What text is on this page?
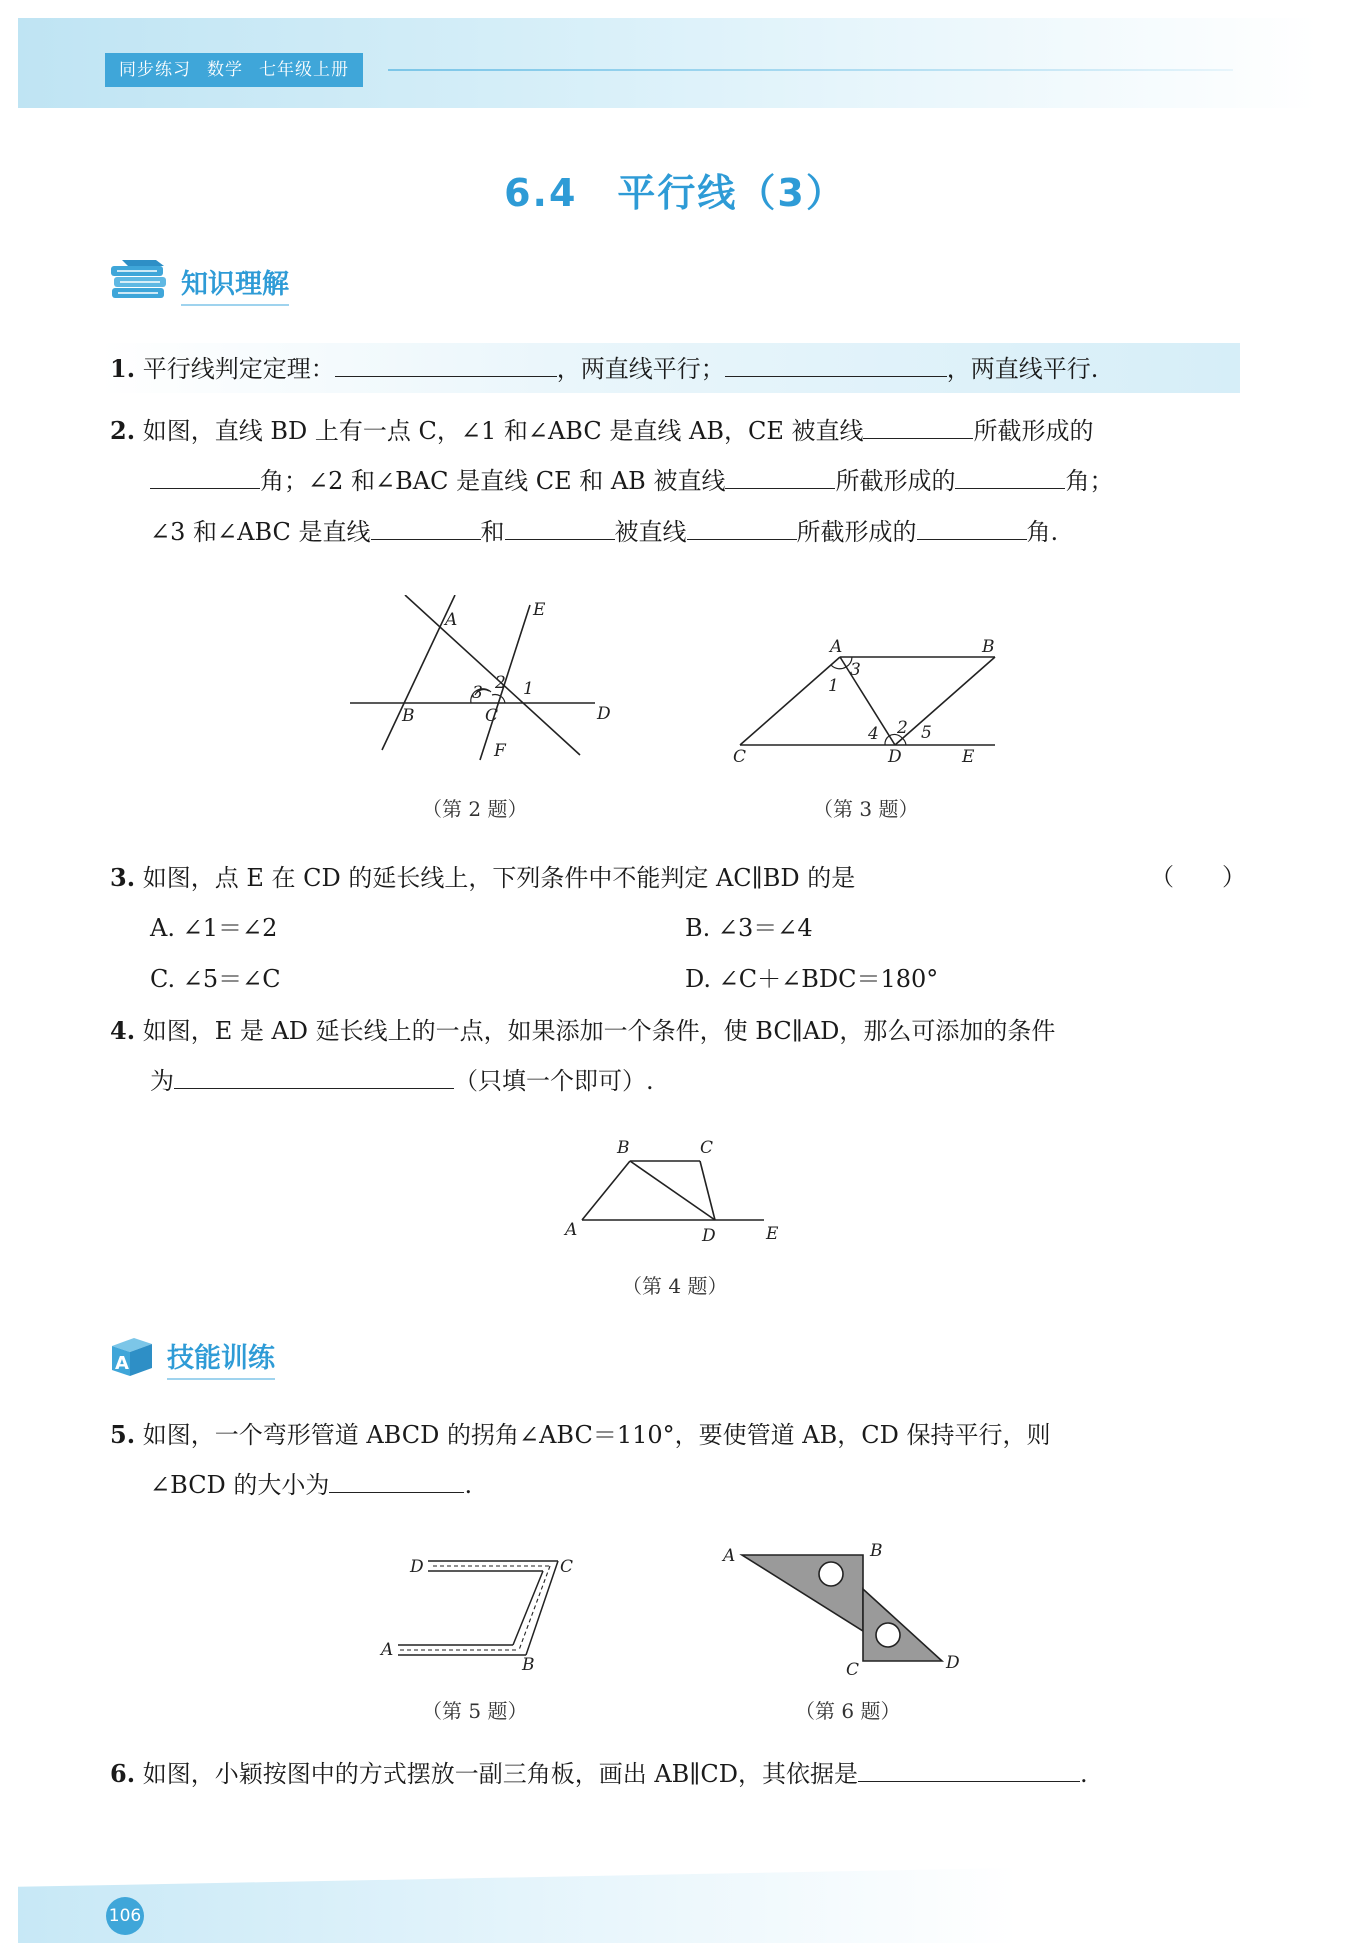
同步练习 数学 七年级上册
6.4　平行线（3）
知识理解
1. 平行线判定定理：	，两直线平行；	，两直线平行.
2. 如图，直线 BD 上有一点 C，∠1 和∠ABC 是直线 AB，CE 被直线	所截形成的
角；∠2 和∠BAC 是直线 CE 和 AB 被直线	所截形成的	角；
∠3 和∠ABC 是直线	和	被直线	所截形成的	角.
A	E
3 2 1
B	C	D
F
（第 2 题）
A	B
3
1
4 2 5
C	D	E
（第 3 题）
3. 如图，点 E 在 CD 的延长线上，下列条件中不能判定 AC∥BD 的是	（　　）
A. ∠1＝∠2	B. ∠3＝∠4
C. ∠5＝∠C	D. ∠C＋∠BDC＝180°
4. 如图，E 是 AD 延长线上的一点，如果添加一个条件，使 BC∥AD，那么可添加的条件
为	（只填一个即可）.
B	C
A	D	E
（第 4 题）
A 技能训练
5. 如图，一个弯形管道 ABCD 的拐角∠ABC＝110°，要使管道 AB，CD 保持平行，则
∠BCD 的大小为	.
D	C
A
B
（第 5 题）
A	B
C	D
（第 6 题）
6. 如图，小颖按图中的方式摆放一副三角板，画出 AB∥CD，其依据是	.
106
